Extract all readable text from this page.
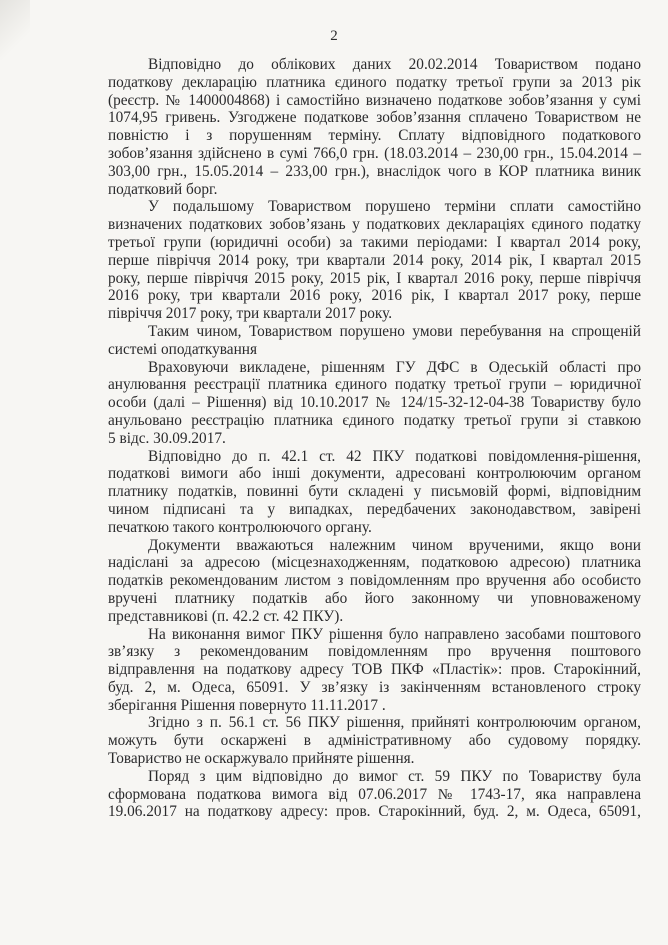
2
Відповідно до облікових даних 20.02.2014 Товариством подано
податкову декларацію платника єдиного податку третьої групи за 2013 рік
(реєстр. № 1400004868) і самостійно визначено податкове зобов’язання у сумі
1074,95 гривень. Узгоджене податкове зобов’язання сплачено Товариством не
повністю і з порушенням терміну. Сплату відповідного податкового
зобов’язання здійснено в сумі 766,0 грн. (18.03.2014 – 230,00 грн., 15.04.2014 –
303,00 грн., 15.05.2014 – 233,00 грн.), внаслідок чого в КОР платника виник
податковий борг.
У подальшому Товариством порушено терміни сплати самостійно
визначених податкових зобов’язань у податкових деклараціях єдиного податку
третьої групи (юридичні особи) за такими періодами: І квартал 2014 року,
перше півріччя 2014 року, три квартали 2014 року, 2014 рік, І квартал 2015
року, перше півріччя 2015 року, 2015 рік, І квартал 2016 року, перше півріччя
2016 року, три квартали 2016 року, 2016 рік, І квартал 2017 року, перше
півріччя 2017 року, три квартали 2017 року.
Таким чином, Товариством порушено умови перебування на спрощеній
системі оподаткування
Враховуючи викладене, рішенням ГУ ДФС в Одеській області про
анулювання реєстрації платника єдиного податку третьої групи – юридичної
особи (далі – Рішення) від 10.10.2017 № 124/15-32-12-04-38 Товариству було
анульовано реєстрацію платника єдиного податку третьої групи зі ставкою
5 відс. 30.09.2017.
Відповідно до п. 42.1 ст. 42 ПКУ податкові повідомлення-рішення,
податкові вимоги або інші документи, адресовані контролюючим органом
платнику податків, повинні бути складені у письмовій формі, відповідним
чином підписані та у випадках, передбачених законодавством, завірені
печаткою такого контролюючого органу.
Документи вважаються належним чином врученими, якщо вони
надіслані за адресою (місцезнаходженням, податковою адресою) платника
податків рекомендованим листом з повідомленням про вручення або особисто
вручені платнику податків або його законному чи уповноваженому
представникові (п. 42.2 ст. 42 ПКУ).
На виконання вимог ПКУ рішення було направлено засобами поштового
зв’язку з рекомендованим повідомленням про вручення поштового
відправлення на податкову адресу ТОВ ПКФ «Пластік»: пров. Старокінний,
буд. 2, м. Одеса, 65091. У зв’язку із закінченням встановленого строку
зберігання Рішення повернуто 11.11.2017 .
Згідно з п. 56.1 ст. 56 ПКУ рішення, прийняті контролюючим органом,
можуть бути оскаржені в адміністративному або судовому порядку.
Товариство не оскаржувало прийняте рішення.
Поряд з цим відповідно до вимог ст. 59 ПКУ по Товариству була
сформована податкова вимога від 07.06.2017 № 1743-17, яка направлена
19.06.2017 на податкову адресу: пров. Старокінний, буд. 2, м. Одеса, 65091,
